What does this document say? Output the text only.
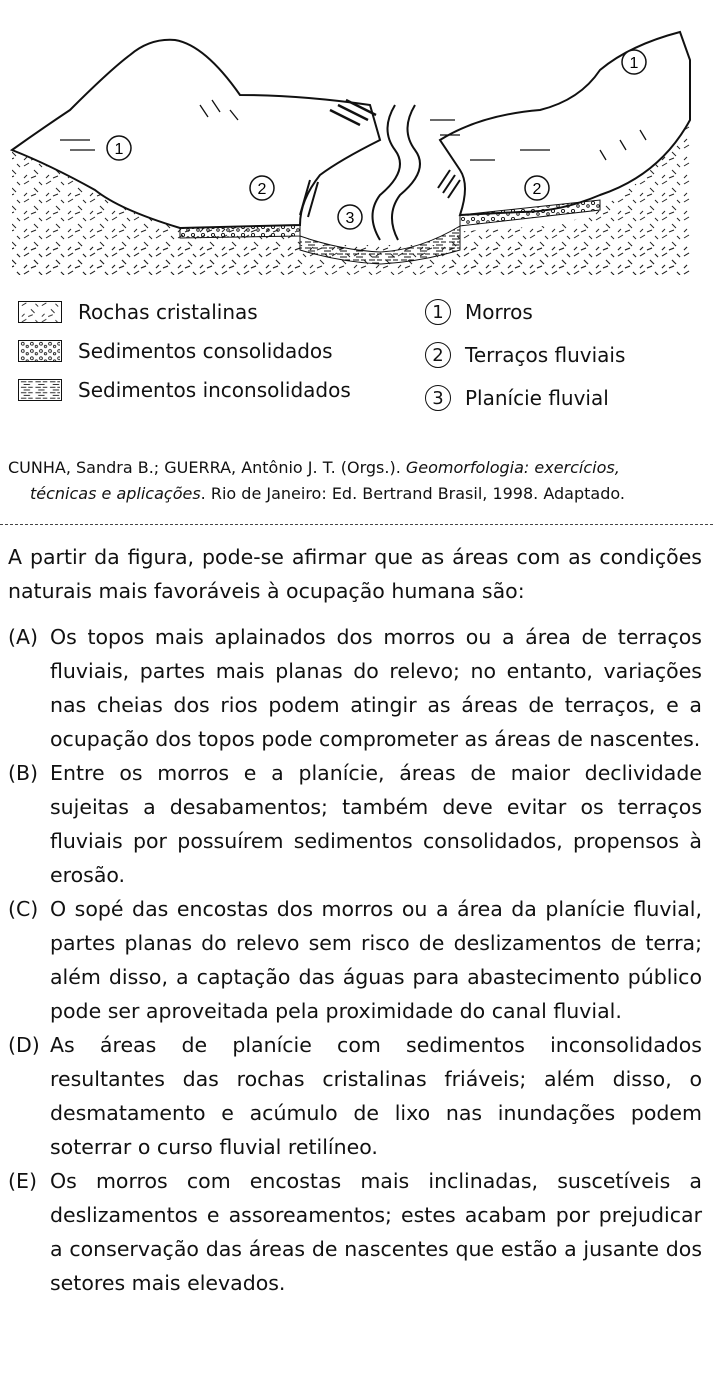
1
1
2	2
3
Rochas cristalinas
Sedimentos consolidados
Sedimentos inconsolidados
1	Morros
2	Terraços fluviais
3	Planície fluvial
CUNHA, Sandra B.; GUERRA, Antônio J. T. (Orgs.). Geomorfologia: exercícios,
técnicas e aplicações. Rio de Janeiro: Ed. Bertrand Brasil, 1998. Adaptado.
A partir da figura, pode-se afirmar que as áreas com as condições naturais mais favoráveis à ocupação humana são:
(A) Os topos mais aplainados dos morros ou a área de terraços fluviais, partes mais planas do relevo; no entanto, variações nas cheias dos rios podem atingir as áreas de terraços, e a ocupação dos topos pode comprometer as áreas de nascentes.
(B) Entre os morros e a planície, áreas de maior declividade sujeitas a desabamentos; também deve evitar os terraços fluviais por possuírem sedimentos consolidados, propensos à erosão.
(C) O sopé das encostas dos morros ou a área da planície fluvial, partes planas do relevo sem risco de deslizamentos de terra; além disso, a captação das águas para abastecimento público pode ser aproveitada pela proximidade do canal fluvial.
(D) As áreas de planície com sedimentos inconsolidados resultantes das rochas cristalinas friáveis; além disso, o desmatamento e acúmulo de lixo nas inundações podem soterrar o curso fluvial retilíneo.
(E) Os morros com encostas mais inclinadas, suscetíveis a deslizamentos e assoreamentos; estes acabam por prejudicar a conservação das áreas de nascentes que estão a jusante dos setores mais elevados.
